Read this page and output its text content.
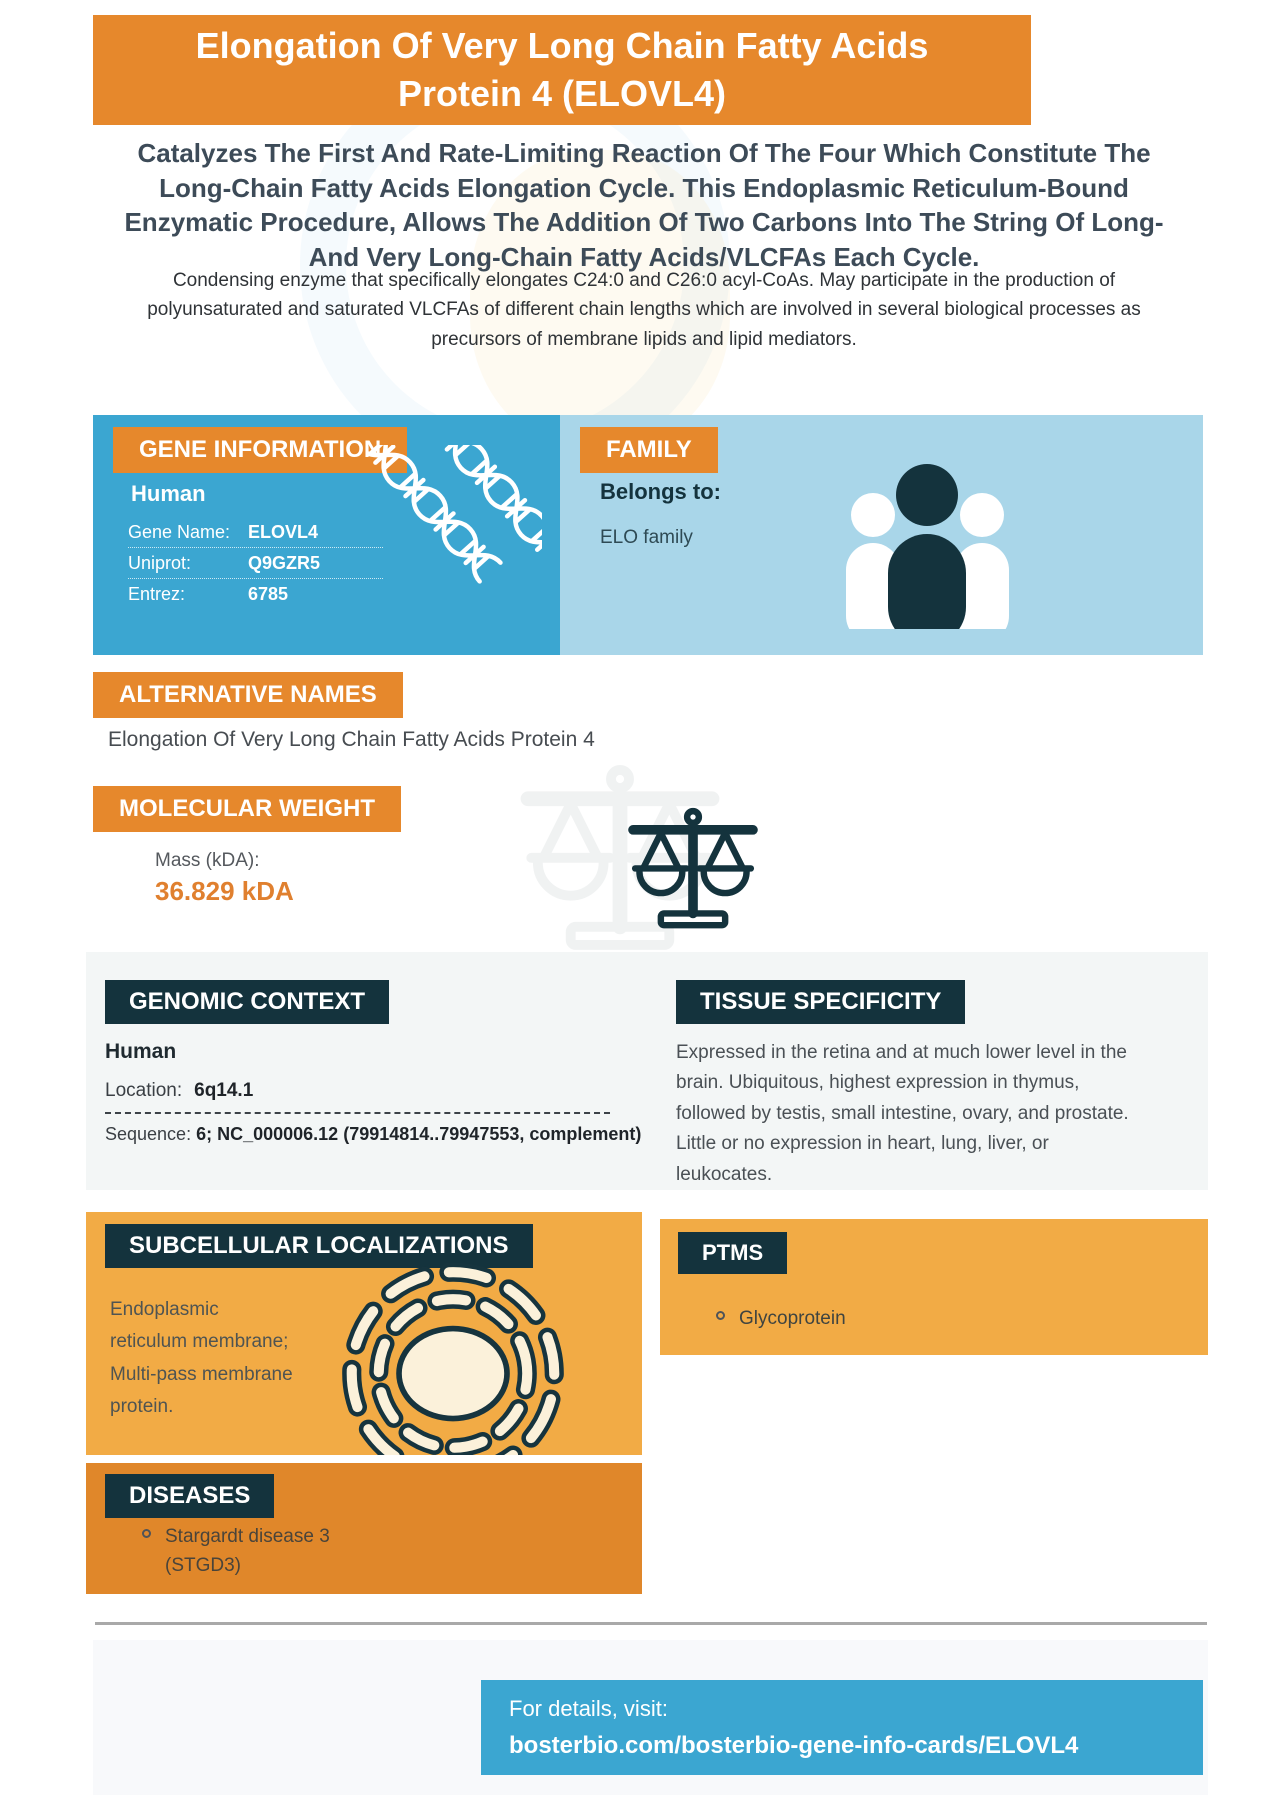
Elongation Of Very Long Chain Fatty Acids Protein 4 (ELOVL4)
Catalyzes The First And Rate-Limiting Reaction Of The Four Which Constitute The Long-Chain Fatty Acids Elongation Cycle. This Endoplasmic Reticulum-Bound Enzymatic Procedure, Allows The Addition Of Two Carbons Into The String Of Long- And Very Long-Chain Fatty Acids/VLCFAs Each Cycle.
Condensing enzyme that specifically elongates C24:0 and C26:0 acyl-CoAs. May participate in the production of polyunsaturated and saturated VLCFAs of different chain lengths which are involved in several biological processes as precursors of membrane lipids and lipid mediators.
GENE INFORMATION
Human
Gene Name: ELOVL4
Uniprot:	Q9GZR5
Entrez:	6785
FAMILY
Belongs to:
ELO family
ALTERNATIVE NAMES
Elongation Of Very Long Chain Fatty Acids Protein 4
MOLECULAR WEIGHT
Mass (kDA):
36.829 kDA
GENOMIC CONTEXT
Human
Location: 6q14.1
Sequence: 6; NC_000006.12 (79914814..79947553, complement)
TISSUE SPECIFICITY
Expressed in the retina and at much lower level in the brain. Ubiquitous, highest expression in thymus, followed by testis, small intestine, ovary, and prostate. Little or no expression in heart, lung, liver, or leukocates.
SUBCELLULAR LOCALIZATIONS
Endoplasmic reticulum membrane; Multi-pass membrane protein.
PTMS
Glycoprotein
DISEASES
Stargardt disease 3 (STGD3)
For details, visit:
bosterbio.com/bosterbio-gene-info-cards/ELOVL4
